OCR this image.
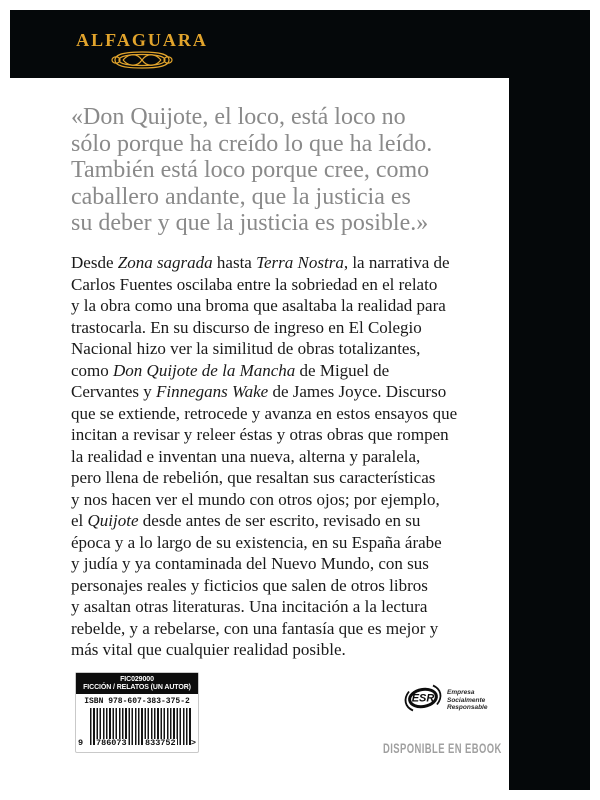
ALFAGUARA
«Don Quijote, el loco, está loco no
sólo porque ha creído lo que ha leído.
También está loco porque cree, como
caballero andante, que la justicia es
su deber y que la justicia es posible.»
Desde Zona sagrada hasta Terra Nostra, la narrativa de
Carlos Fuentes oscilaba entre la sobriedad en el relato
y la obra como una broma que asaltaba la realidad para
trastocarla. En su discurso de ingreso en El Colegio
Nacional hizo ver la similitud de obras totalizantes,
como Don Quijote de la Mancha de Miguel de
Cervantes y Finnegans Wake de James Joyce. Discurso
que se extiende, retrocede y avanza en estos ensayos que
incitan a revisar y releer éstas y otras obras que rompen
la realidad e inventan una nueva, alterna y paralela,
pero llena de rebelión, que resaltan sus características
y nos hacen ver el mundo con otros ojos; por ejemplo,
el Quijote desde antes de ser escrito, revisado en su
época y a lo largo de su existencia, en su España árabe
y judía y ya contaminada del Nuevo Mundo, con sus
personajes reales y ficticios que salen de otros libros
y asaltan otras literaturas. Una incitación a la lectura
rebelde, y a rebelarse, con una fantasía que es mejor y
más vital que cualquier realidad posible.
FIC029000
FICCIÓN / RELATOS (UN AUTOR)
ISBN 978-607-383-375-2
9 786073 833752 >
ESR Empresa
Socialmente
Responsable
DISPONIBLE EN EBOOK
